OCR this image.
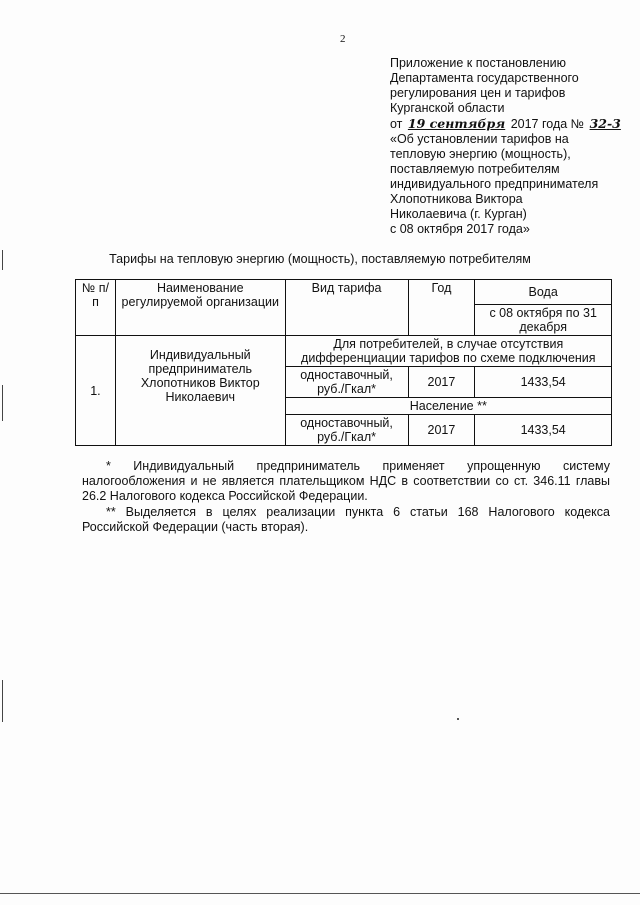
2
Приложение к постановлению
Департамента государственного
регулирования цен и тарифов
Курганской области
от 19 сентября 2017 года № 32-3
«Об установлении тарифов на
тепловую энергию (мощность),
поставляемую потребителям
индивидуального предпринимателя
Хлопотникова Виктора
Николаевича (г. Курган)
с 08 октября 2017 года»
Тарифы на тепловую энергию (мощность), поставляемую потребителям
№ п/п	Наименование регулируемой организации	Вид тарифа	Год	Вода
				с 08 октября по 31 декабря
1.	Индивидуальный предприниматель Хлопотников Виктор Николаевич	Для потребителей, в случае отсутствия дифференциации тарифов по схеме подключения		
		одноставочный, руб./Гкал*	2017	1433,54
		Население **		
		одноставочный, руб./Гкал*	2017	1433,54

* Индивидуальный предприниматель применяет упрощенную систему налогообложения и не является плательщиком НДС в соответствии со ст. 346.11 главы 26.2 Налогового кодекса Российской Федерации.

** Выделяется в целях реализации пункта 6 статьи 168 Налогового кодекса Российской Федерации (часть вторая).
